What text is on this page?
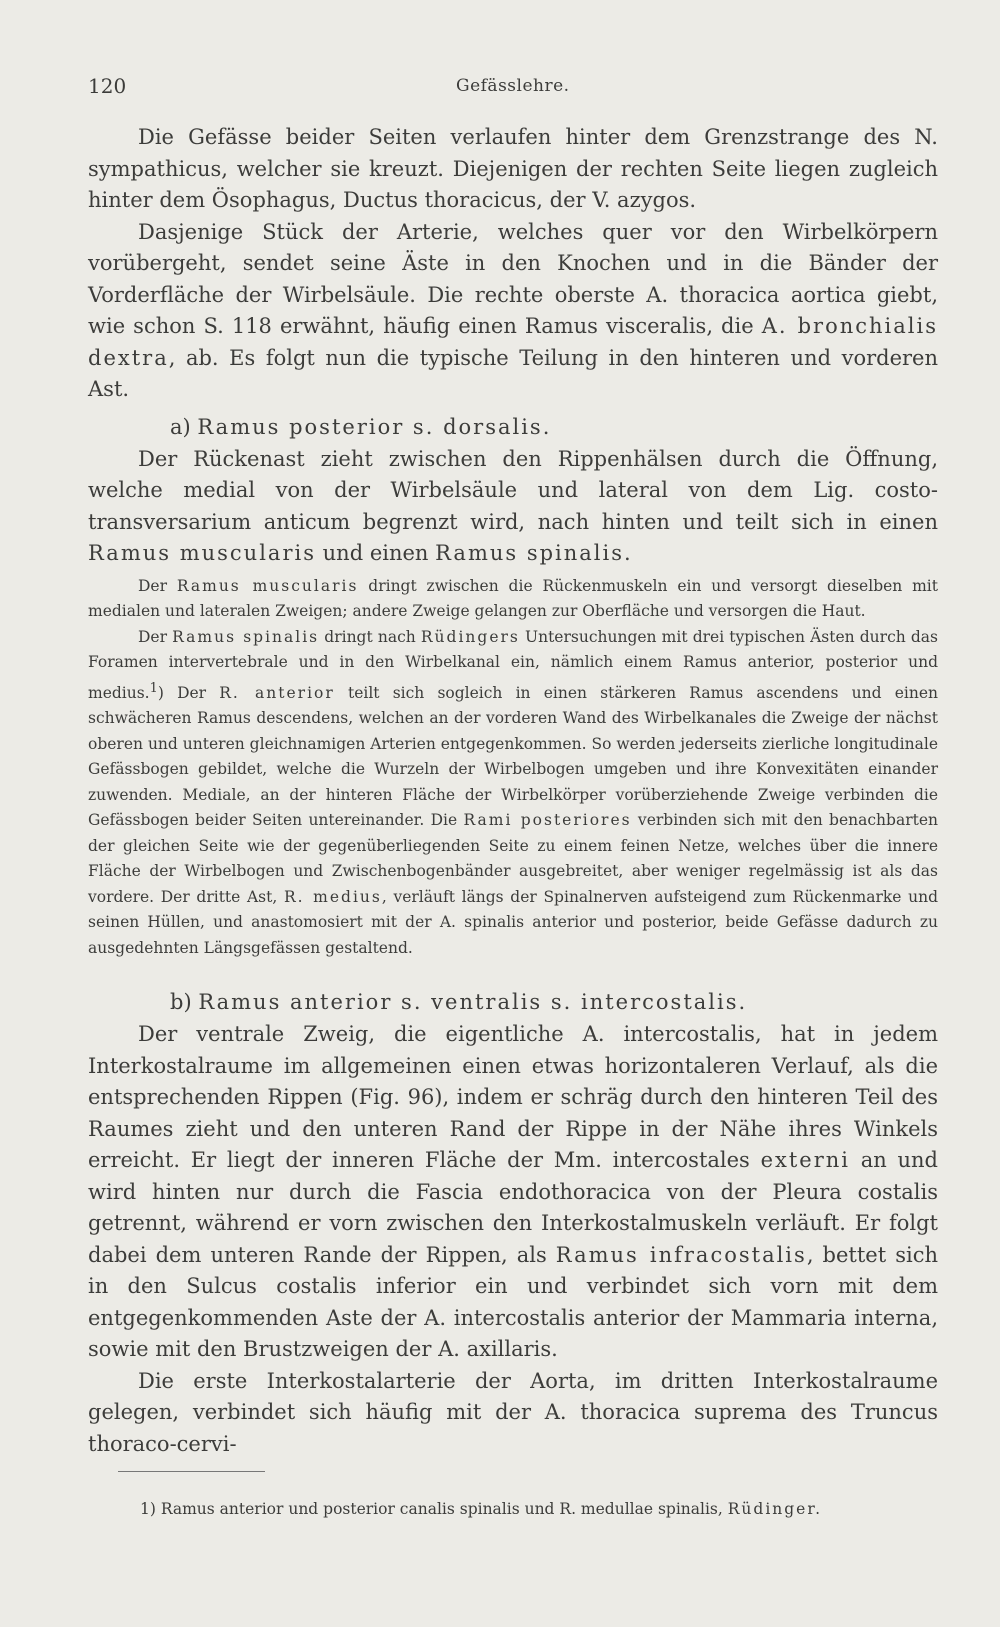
120	Gefässlehre.

Die Gefässe beider Seiten verlaufen hinter dem Grenzstrange des N. sympathicus, welcher sie kreuzt. Diejenigen der rechten Seite liegen zugleich hinter dem Ösophagus, Ductus thoracicus, der V. azygos.

Dasjenige Stück der Arterie, welches quer vor den Wirbelkörpern vorübergeht, sendet seine Äste in den Knochen und in die Bänder der Vorderfläche der Wirbelsäule. Die rechte oberste A. thoracica aortica giebt, wie schon S. 118 erwähnt, häufig einen Ramus visceralis, die A. bronchialis dextra, ab. Es folgt nun die typische Teilung in den hinteren und vorderen Ast.

a) Ramus posterior s. dorsalis.

Der Rückenast zieht zwischen den Rippenhälsen durch die Öffnung, welche medial von der Wirbelsäule und lateral von dem Lig. costo-transversarium anticum begrenzt wird, nach hinten und teilt sich in einen Ramus muscularis und einen Ramus spinalis.

Der Ramus muscularis dringt zwischen die Rückenmuskeln ein und versorgt dieselben mit medialen und lateralen Zweigen; andere Zweige gelangen zur Oberfläche und versorgen die Haut.

Der Ramus spinalis dringt nach Rüdingers Untersuchungen mit drei typischen Ästen durch das Foramen intervertebrale und in den Wirbelkanal ein, nämlich einem Ramus anterior, posterior und medius.$^1$) Der R. anterior teilt sich sogleich in einen stärkeren Ramus ascendens und einen schwächeren Ramus descendens, welchen an der vorderen Wand des Wirbelkanales die Zweige der nächst oberen und unteren gleichnamigen Arterien entgegenkommen. So werden jederseits zierliche longitudinale Gefässbogen gebildet, welche die Wurzeln der Wirbelbogen umgeben und ihre Konvexitäten einander zuwenden. Mediale, an der hinteren Fläche der Wirbelkörper vorüberziehende Zweige verbinden die Gefässbogen beider Seiten untereinander. Die Rami posteriores verbinden sich mit den benachbarten der gleichen Seite wie der gegenüberliegenden Seite zu einem feinen Netze, welches über die innere Fläche der Wirbelbogen und Zwischenbogenbänder ausgebreitet, aber weniger regelmässig ist als das vordere. Der dritte Ast, R. medius, verläuft längs der Spinalnerven aufsteigend zum Rückenmarke und seinen Hüllen, und anastomosiert mit der A. spinalis anterior und posterior, beide Gefässe dadurch zu ausgedehnten Längsgefässen gestaltend.

b) Ramus anterior s. ventralis s. intercostalis.

Der ventrale Zweig, die eigentliche A. intercostalis, hat in jedem Interkostalraume im allgemeinen einen etwas horizontaleren Verlauf, als die entsprechenden Rippen (Fig. 96), indem er schräg durch den hinteren Teil des Raumes zieht und den unteren Rand der Rippe in der Nähe ihres Winkels erreicht. Er liegt der inneren Fläche der Mm. intercostales externi an und wird hinten nur durch die Fascia endothoracica von der Pleura costalis getrennt, während er vorn zwischen den Interkostalmuskeln verläuft. Er folgt dabei dem unteren Rande der Rippen, als Ramus infracostalis, bettet sich in den Sulcus costalis inferior ein und verbindet sich vorn mit dem entgegenkommenden Aste der A. intercostalis anterior der Mammaria interna, sowie mit den Brustzweigen der A. axillaris.

Die erste Interkostalarterie der Aorta, im dritten Interkostalraume gelegen, verbindet sich häufig mit der A. thoracica suprema des Truncus thoraco-cervi-

1) Ramus anterior und posterior canalis spinalis und R. medullae spinalis, Rüdinger.
